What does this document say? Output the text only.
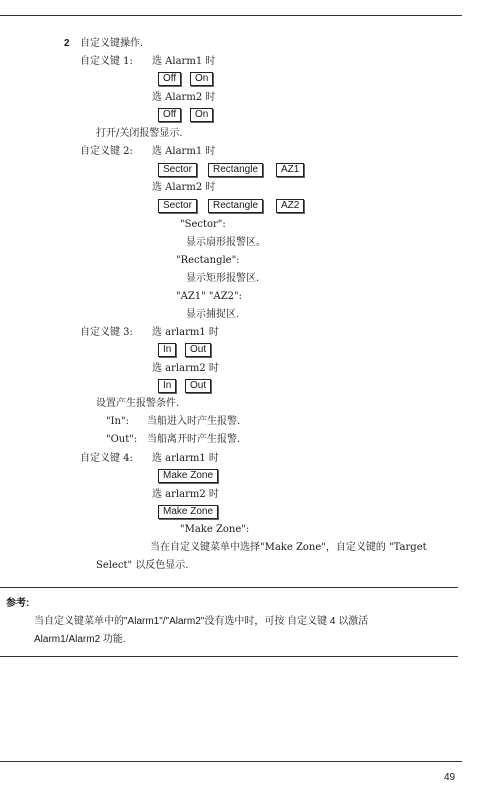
2 自定义键操作.
自定义键 1: 选 Alarm1 时
Off	On
选 Alarm2 时
Off	On
打开/关闭报警显示.
自定义键 2: 选 Alarm1 时
Sector	Rectangle	AZ1
选 Alarm2 时
Sector	Rectangle	AZ2
"Sector":
显示扇形报警区。
"Rectangle":
显示矩形报警区.
"AZ1" "AZ2":
显示捕捉区.
自定义键 3: 选 arlarm1 时
In	Out
选 arlarm2 时
In	Out
设置产生报警条件.
"In": 当船进入时产生报警.
"Out": 当船离开时产生报警.
自定义键 4: 选 arlarm1 时
Make Zone
选 arlarm2 时
Make Zone
"Make Zone":
当在自定义键菜单中选择"Make Zone"，自定义键的 "Target
Select" 以反色显示.
参考:
当自定义键菜单中的"Alarm1"/"Alarm2"没有选中时，可按 自定义键 4 以激活
Alarm1/Alarm2 功能.
49
